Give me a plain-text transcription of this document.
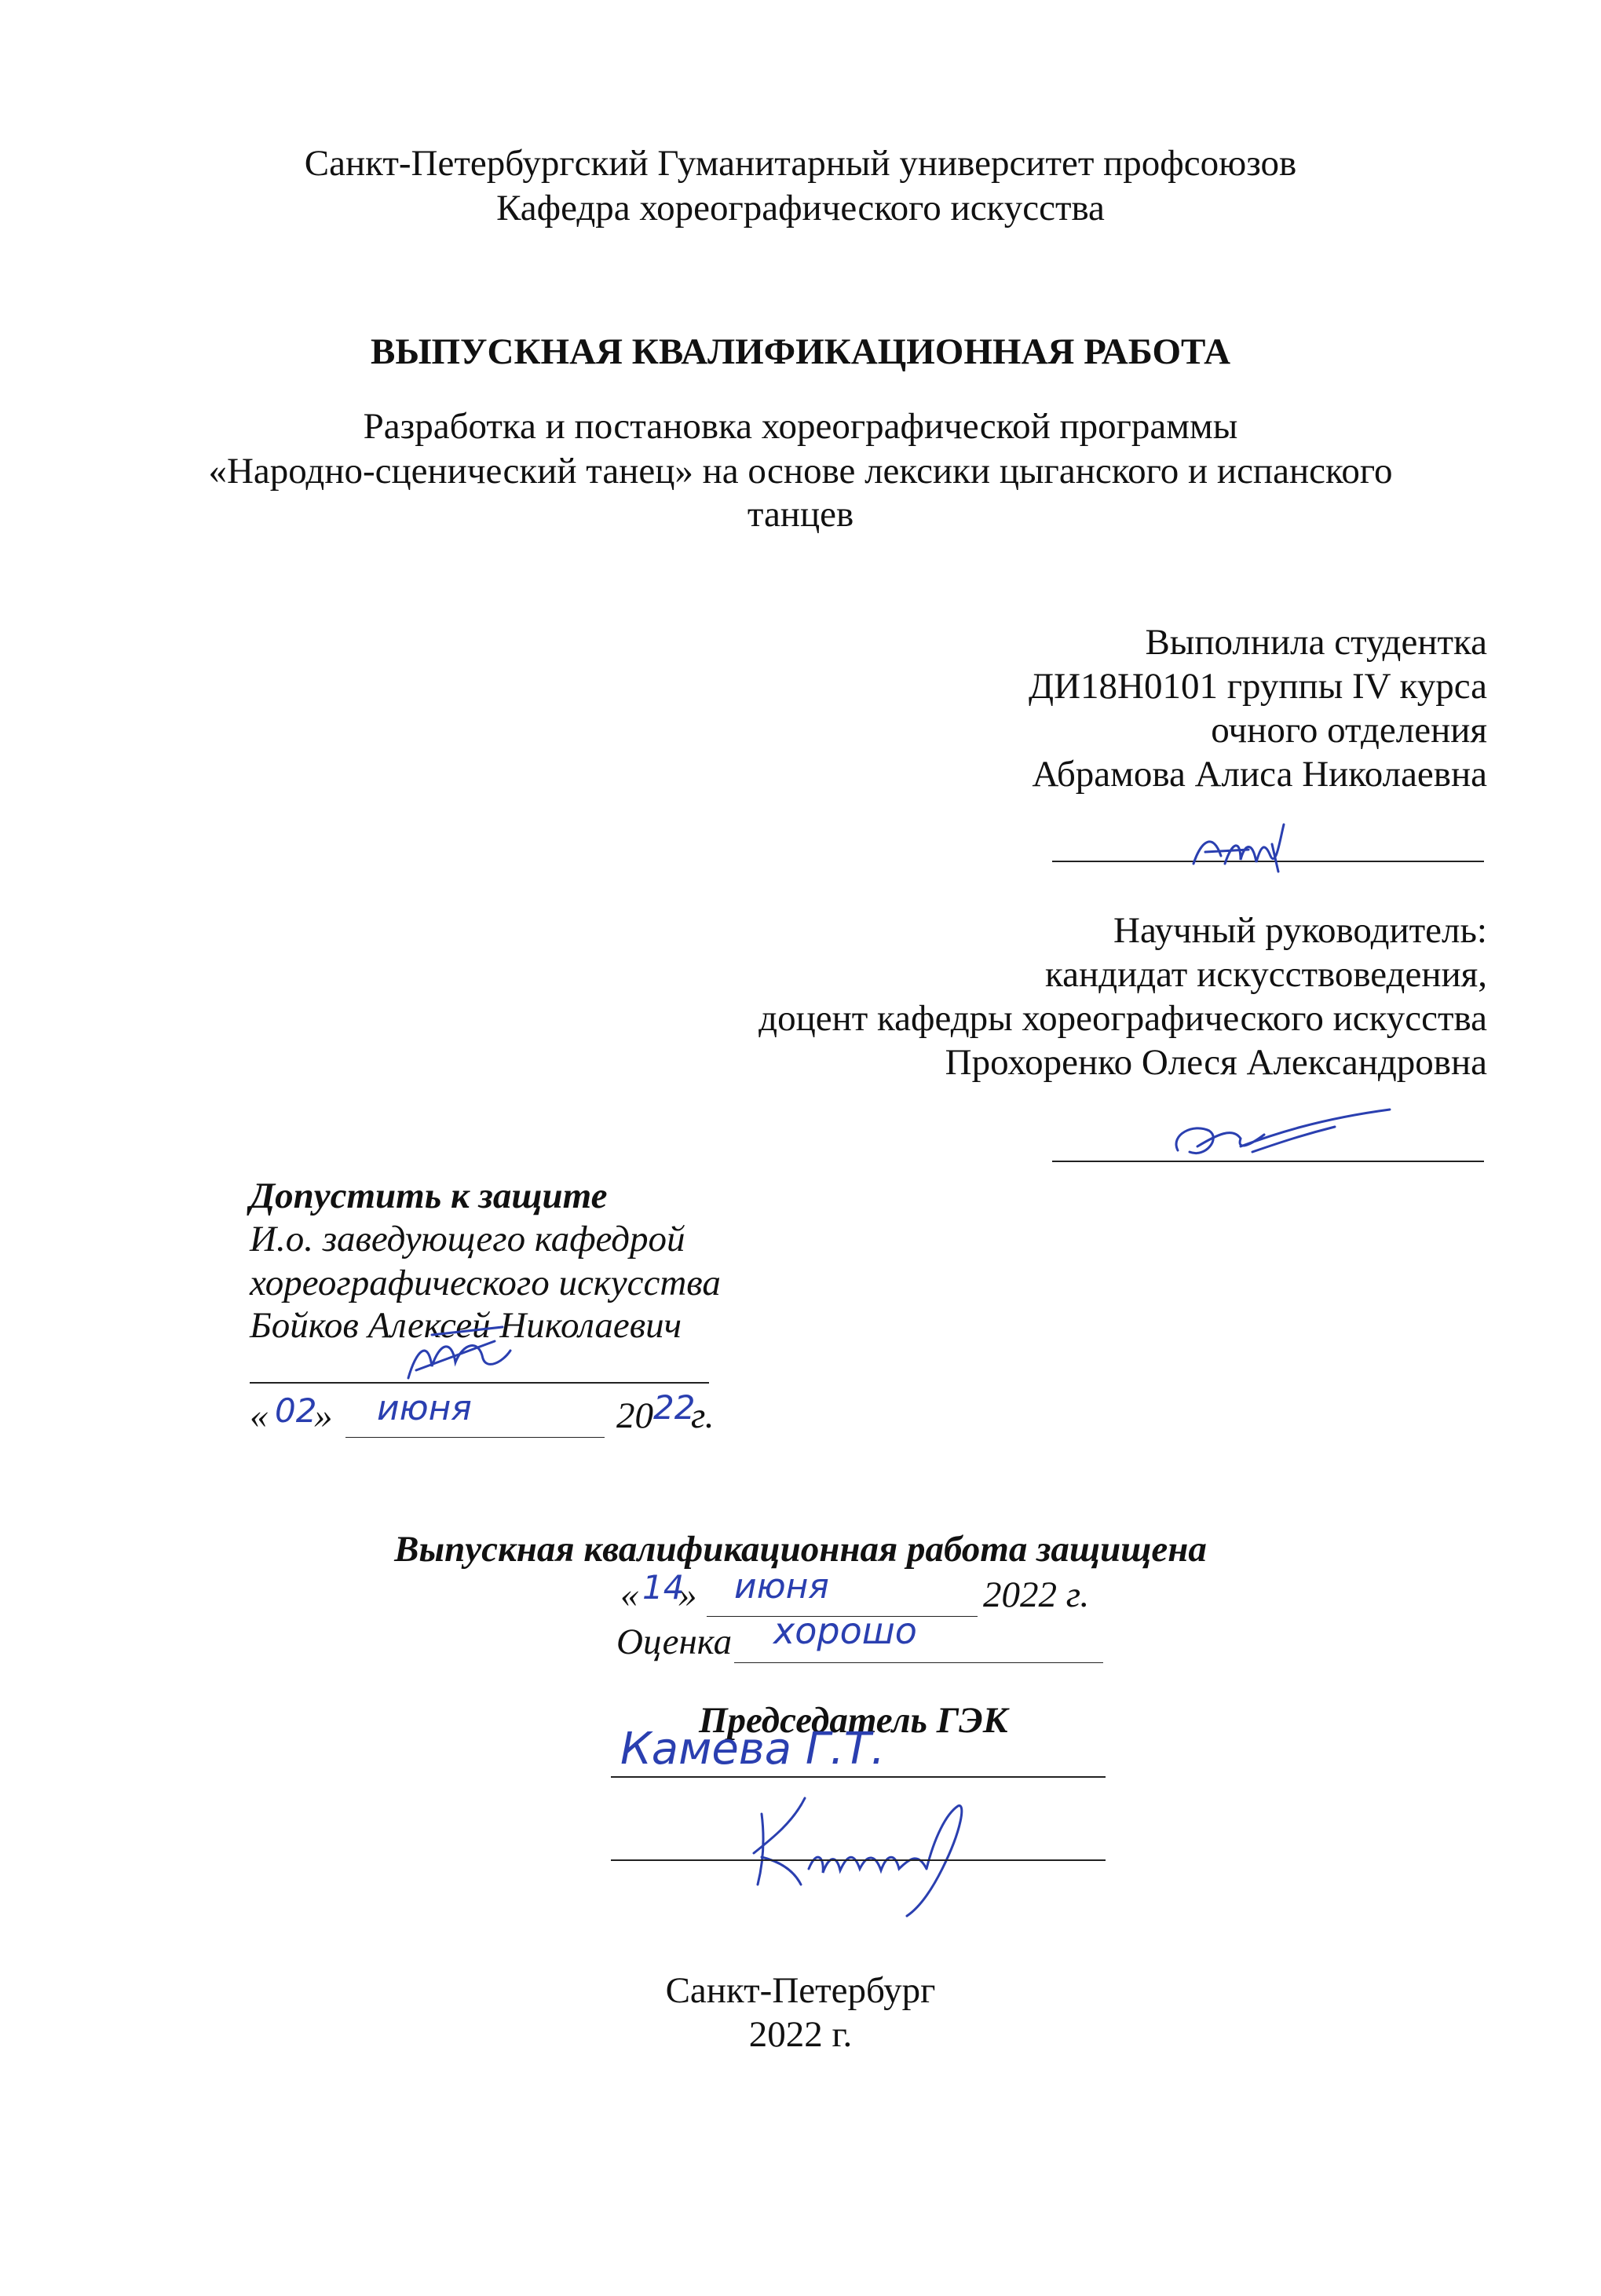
Санкт-Петербургский Гуманитарный университет профсоюзов
Кафедра хореографического искусства
ВЫПУСКНАЯ КВАЛИФИКАЦИОННАЯ РАБОТА
Разработка и постановка хореографической программы
«Народно-сценический танец» на основе лексики цыганского и испанского
танцев
Выполнила студентка
ДИ18Н0101 группы IV курса
очного отделения
Абрамова Алиса Николаевна
Научный руководитель:
кандидат искусствоведения,
доцент кафедры хореографического искусства
Прохоренко Олеся Александровна
Допустить к защите
И.о. заведующего кафедрой
хореографического искусства
Бойков Алексей Николаевич
« 02
» июня	20 22
г.
Выпускная квалификационная работа защищена
« 14
» июня	2022 г.
Оценка хорошо
Председатель ГЭК
Камева Г.Т.
Санкт-Петербург
2022 г.
